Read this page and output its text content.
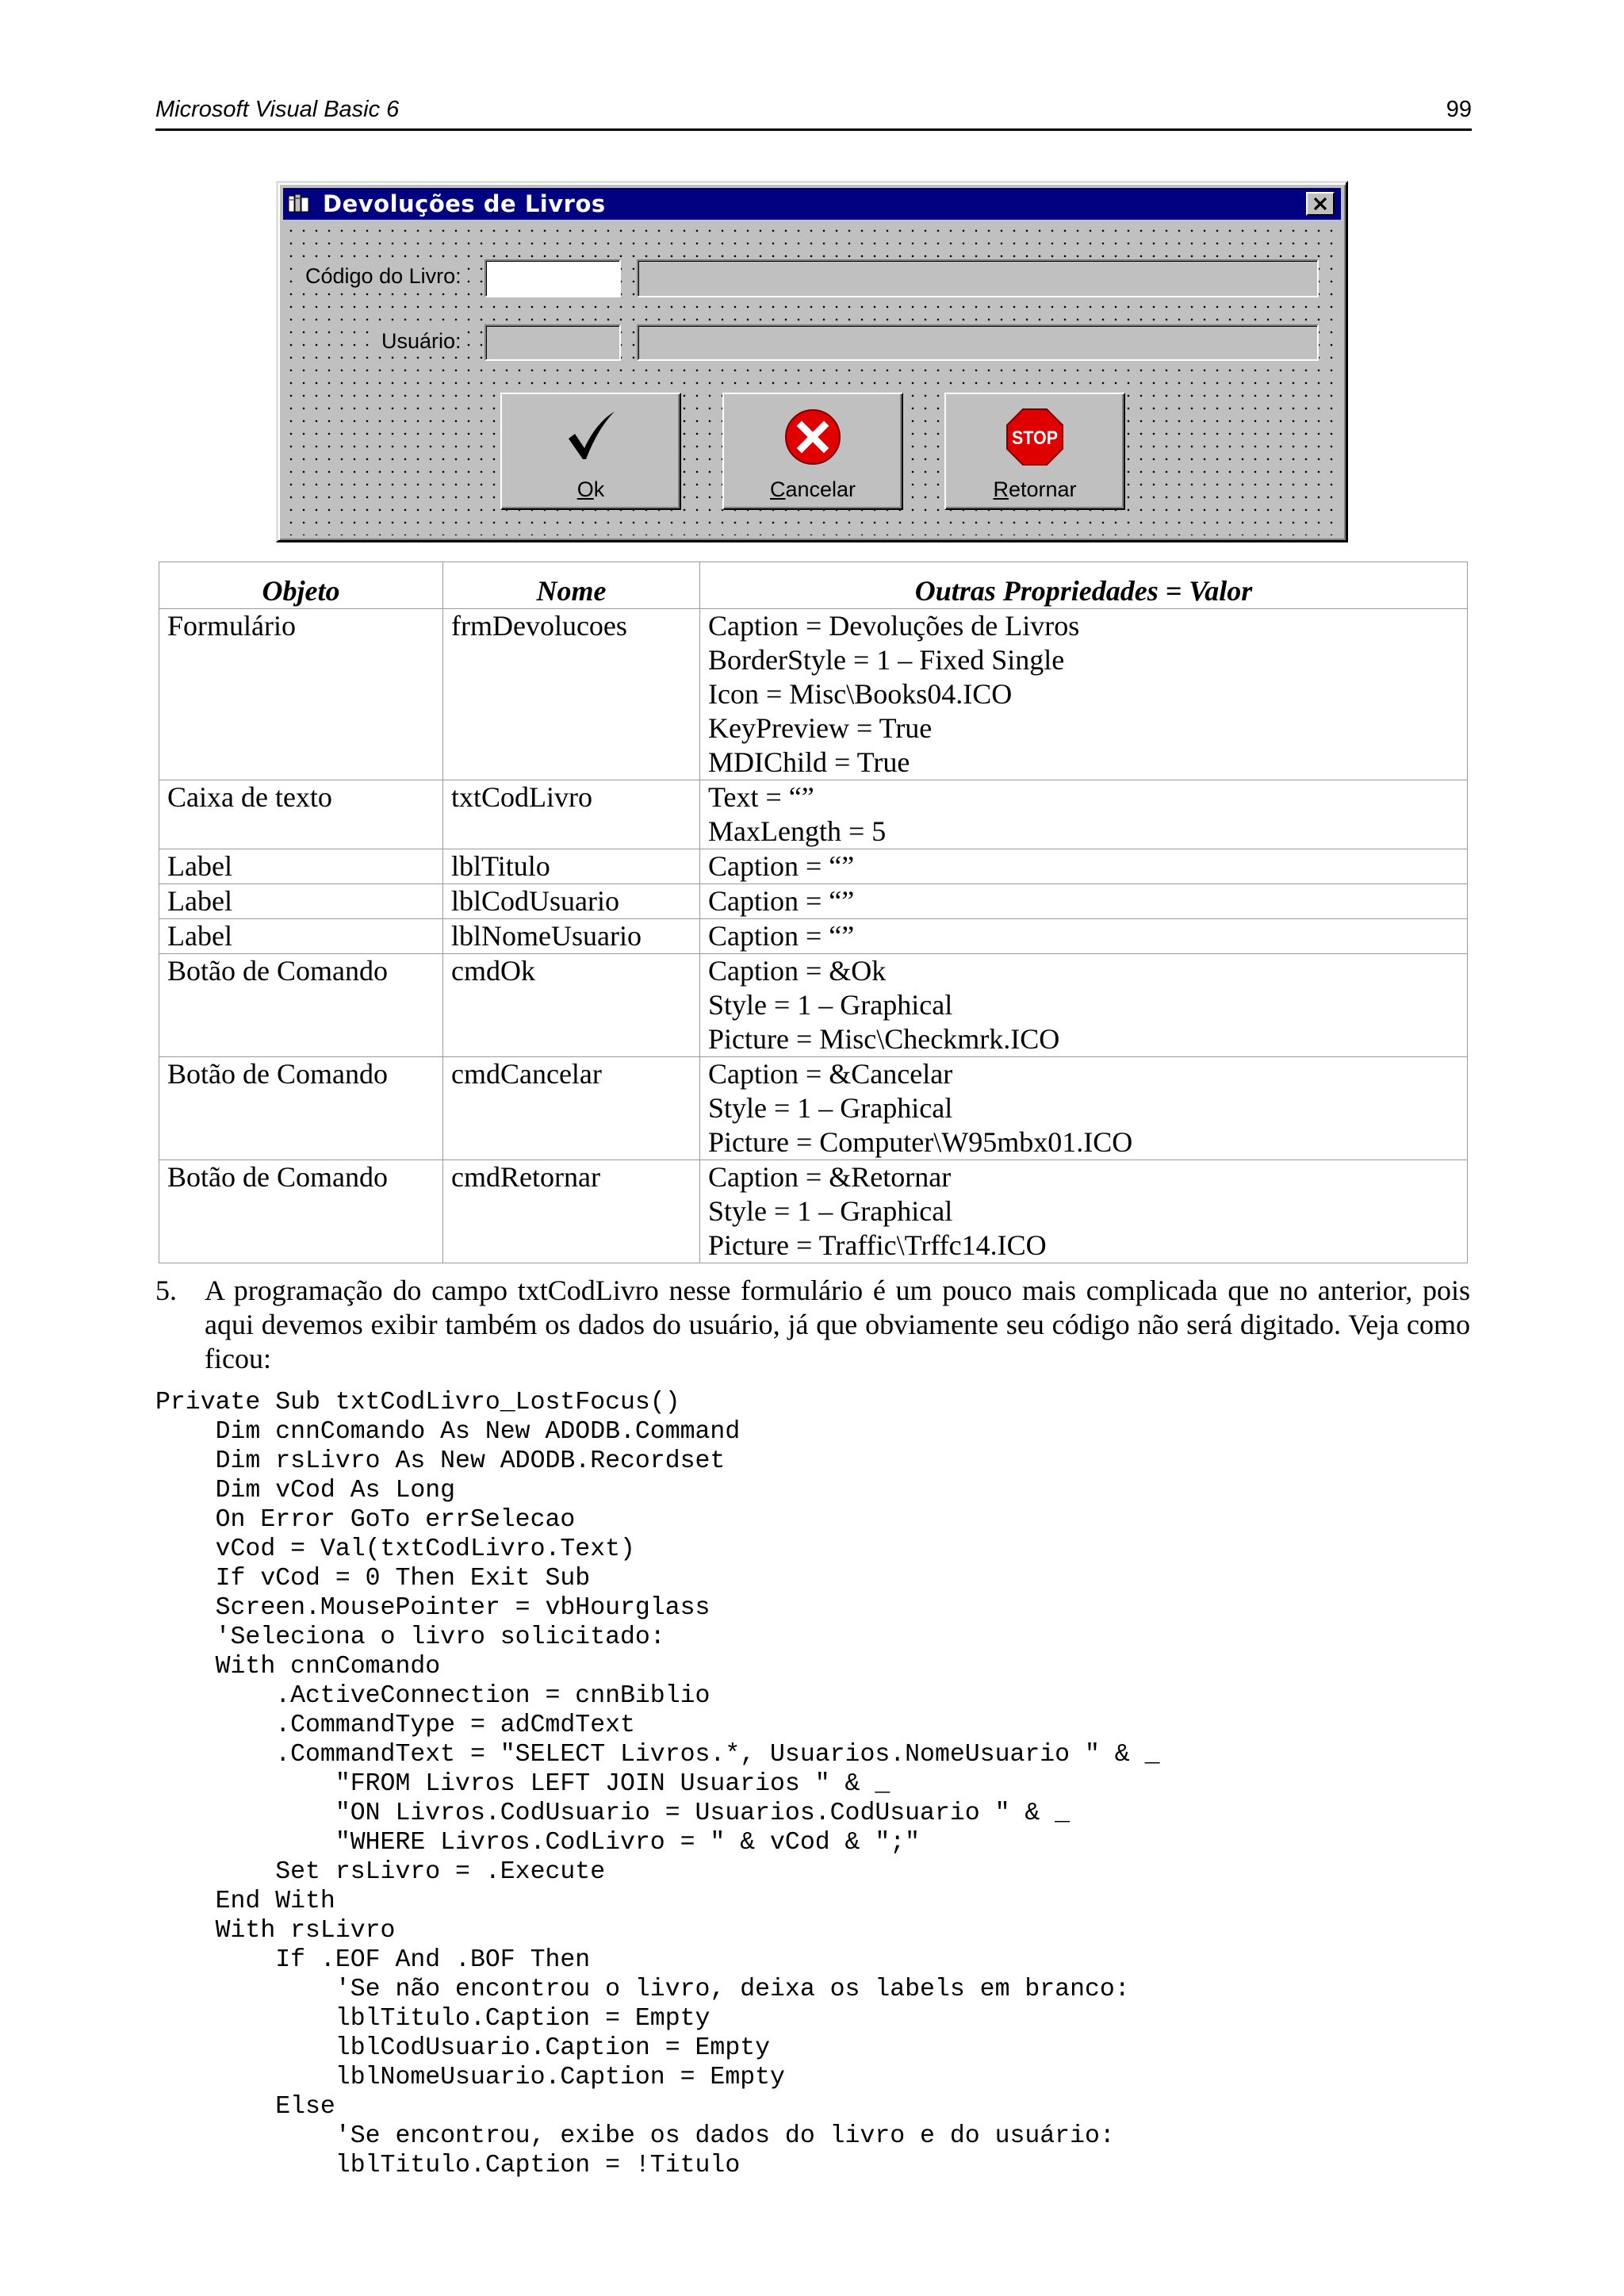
Microsoft Visual Basic 6	99
Devoluções de Livros
Código do Livro:
Usuário:
Ok	Cancelar
STOP
Retornar
Objeto	Nome	Outras Propriedades = Valor
Formulário	frmDevolucoes	Caption = Devoluções de Livros
BorderStyle = 1 – Fixed Single
Icon = Misc\Books04.ICO
KeyPreview = True
MDIChild = True

Caixa de texto	txtCodLivro	Text = “”
MaxLength = 5

Label	lblTitulo	Caption = “”

Label	lblCodUsuario	Caption = “”

Label	lblNomeUsuario	Caption = “”

Botão de Comando	cmdOk	Caption = &Ok
Style = 1 – Graphical
Picture = Misc\Checkmrk.ICO

Botão de Comando	cmdCancelar	Caption = &Cancelar
Style = 1 – Graphical
Picture = Computer\W95mbx01.ICO

Botão de Comando	cmdRetornar	Caption = &Retornar
Style = 1 – Graphical
Picture = Traffic\Trffc14.ICO
5. A programação do campo txtCodLivro nesse formulário é um pouco mais complicada que no anterior, pois aqui devemos exibir também os dados do usuário, já que obviamente seu código não será digitado. Veja como ficou:
Private Sub txtCodLivro_LostFocus()
Dim cnnComando As New ADODB.Command
Dim rsLivro As New ADODB.Recordset
Dim vCod As Long
On Error GoTo errSelecao
vCod = Val(txtCodLivro.Text)
If vCod = 0 Then Exit Sub
Screen.MousePointer = vbHourglass
'Seleciona o livro solicitado:
With cnnComando
.ActiveConnection = cnnBiblio
.CommandType = adCmdText
.CommandText = "SELECT Livros.*, Usuarios.NomeUsuario " & _
"FROM Livros LEFT JOIN Usuarios " & _
"ON Livros.CodUsuario = Usuarios.CodUsuario " & _
"WHERE Livros.CodLivro = " & vCod & ";"
Set rsLivro = .Execute
End With
With rsLivro
If .EOF And .BOF Then
'Se não encontrou o livro, deixa os labels em branco:
lblTitulo.Caption = Empty
lblCodUsuario.Caption = Empty
lblNomeUsuario.Caption = Empty
Else
'Se encontrou, exibe os dados do livro e do usuário:
lblTitulo.Caption = !Titulo
